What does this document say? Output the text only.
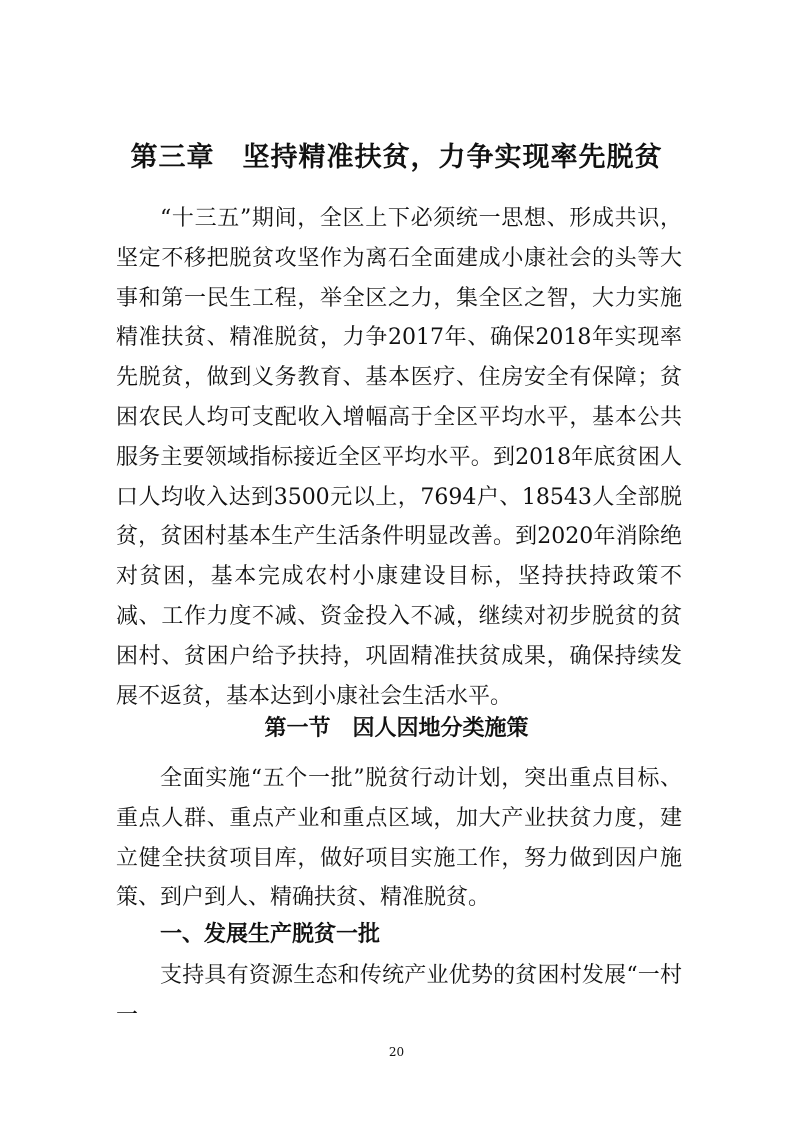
第三章　坚持精准扶贫，力争实现率先脱贫

“十三五”期间，全区上下必须统一思想、形成共识，坚定不移把脱贫攻坚作为离石全面建成小康社会的头等大事和第一民生工程，举全区之力，集全区之智，大力实施精准扶贫、精准脱贫，力争2017年、确保2018年实现率先脱贫，做到义务教育、基本医疗、住房安全有保障；贫困农民人均可支配收入增幅高于全区平均水平，基本公共服务主要领域指标接近全区平均水平。到2018年底贫困人口人均收入达到3500元以上，7694户、18543人全部脱贫，贫困村基本生产生活条件明显改善。到2020年消除绝对贫困，基本完成农村小康建设目标，坚持扶持政策不减、工作力度不减、资金投入不减，继续对初步脱贫的贫困村、贫困户给予扶持，巩固精准扶贫成果，确保持续发展不返贫，基本达到小康社会生活水平。

第一节　因人因地分类施策

全面实施“五个一批”脱贫行动计划，突出重点目标、重点人群、重点产业和重点区域，加大产业扶贫力度，建立健全扶贫项目库，做好项目实施工作，努力做到因户施策、到户到人、精确扶贫、精准脱贫。

一、发展生产脱贫一批

支持具有资源生态和传统产业优势的贫困村发展“一村一

20
